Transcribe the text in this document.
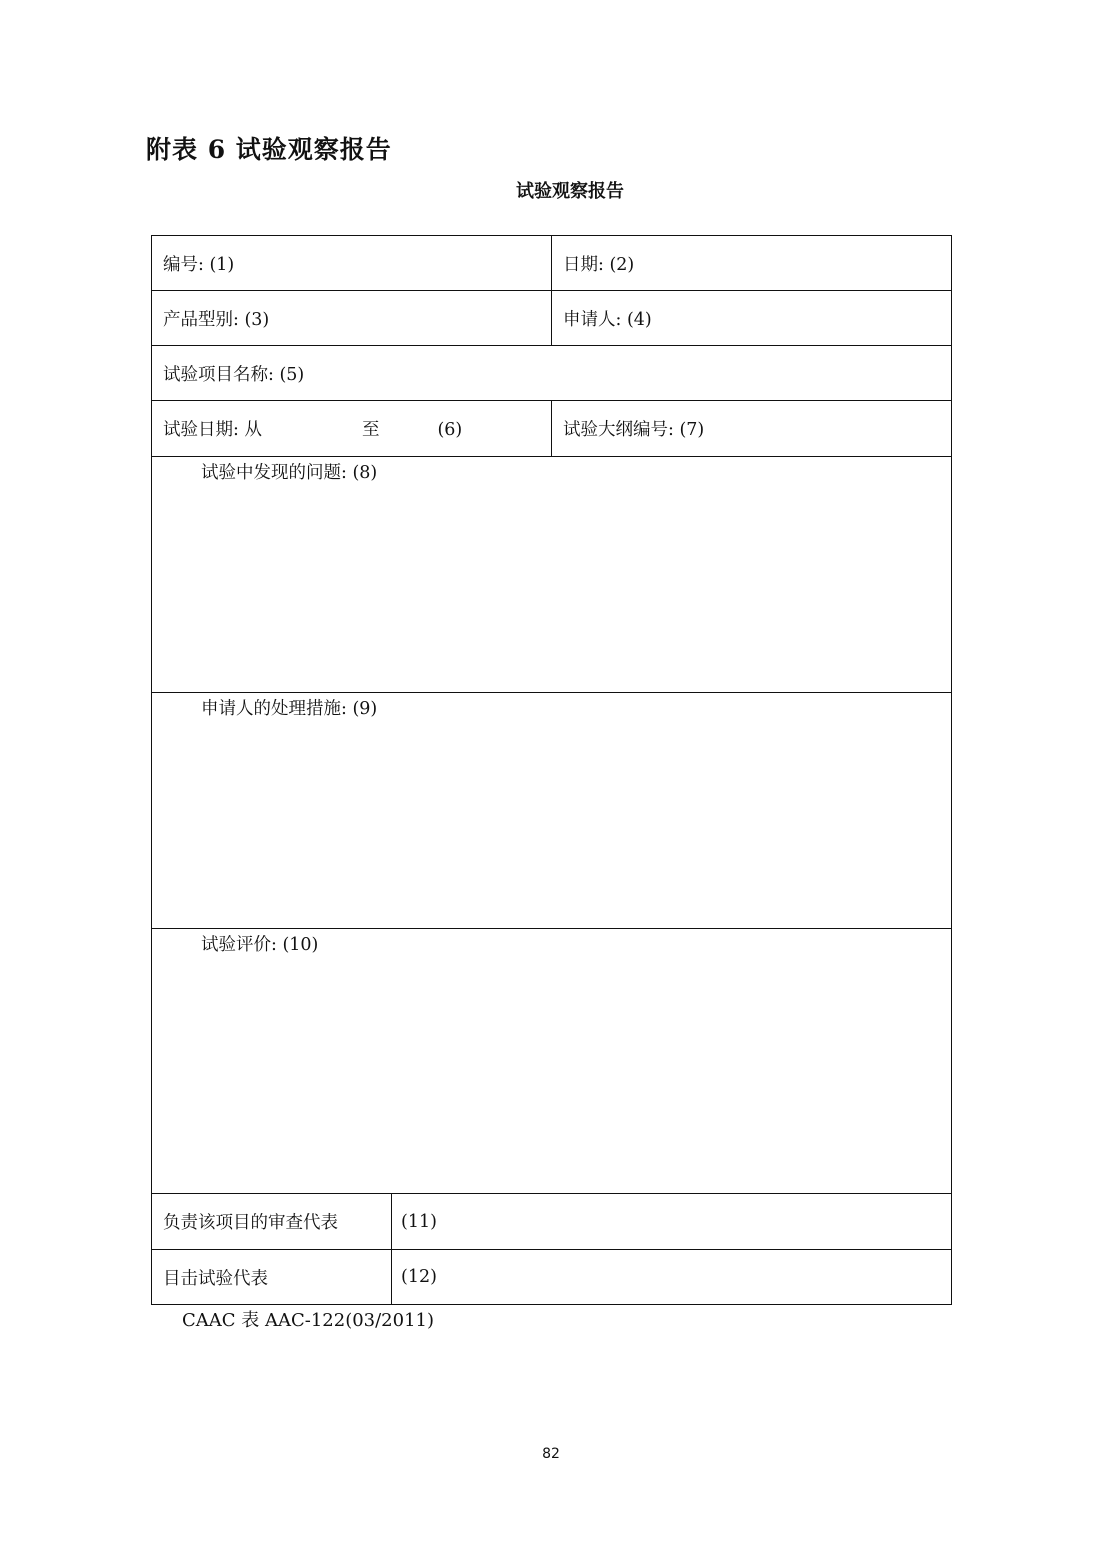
附表 6 试验观察报告
试验观察报告
编号: (1)		日期: (2)
产品型别: (3)		申请人: (4)
试验项目名称: (5)		
试验日期: 从 至 (6)		试验大纲编号: (7)
试验中发现的问题: (8)		
申请人的处理措施: (9)		
试验评价: (10)		
负责该项目的审查代表	(11)	
目击试验代表	(12)	
CAAC 表 AAC-122(03/2011)
82
